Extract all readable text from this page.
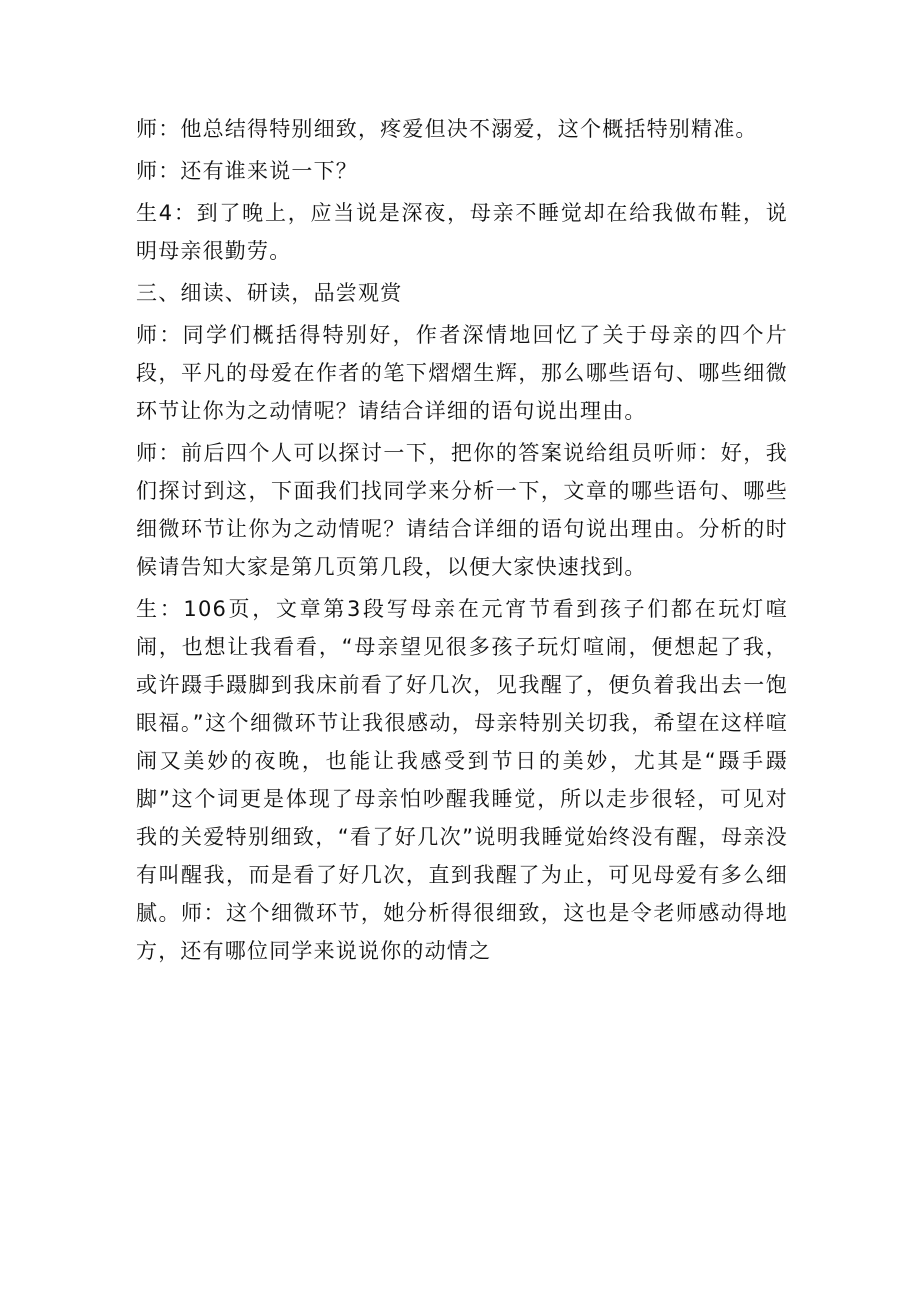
师：他总结得特别细致，疼爱但决不溺爱，这个概括特别精准。

师：还有谁来说一下？

生4：到了晚上，应当说是深夜，母亲不睡觉却在给我做布鞋，说明母亲很勤劳。

三、细读、研读，品尝观赏

师：同学们概括得特别好，作者深情地回忆了关于母亲的四个片段，平凡的母爱在作者的笔下熠熠生辉，那么哪些语句、哪些细微环节让你为之动情呢？请结合详细的语句说出理由。

师：前后四个人可以探讨一下，把你的答案说给组员听师：好，我们探讨到这，下面我们找同学来分析一下，文章的哪些语句、哪些细微环节让你为之动情呢？请结合详细的语句说出理由。分析的时候请告知大家是第几页第几段，以便大家快速找到。

生：106页，文章第3段写母亲在元宵节看到孩子们都在玩灯喧闹，也想让我看看，“母亲望见很多孩子玩灯喧闹，便想起了我，或许蹑手蹑脚到我床前看了好几次，见我醒了，便负着我出去一饱眼福。”这个细微环节让我很感动，母亲特别关切我，希望在这样喧闹又美妙的夜晚，也能让我感受到节日的美妙，尤其是“蹑手蹑脚”这个词更是体现了母亲怕吵醒我睡觉，所以走步很轻，可见对我的关爱特别细致，“看了好几次”说明我睡觉始终没有醒，母亲没有叫醒我，而是看了好几次，直到我醒了为止，可见母爱有多么细腻。师：这个细微环节，她分析得很细致，这也是令老师感动得地方，还有哪位同学来说说你的动情之
